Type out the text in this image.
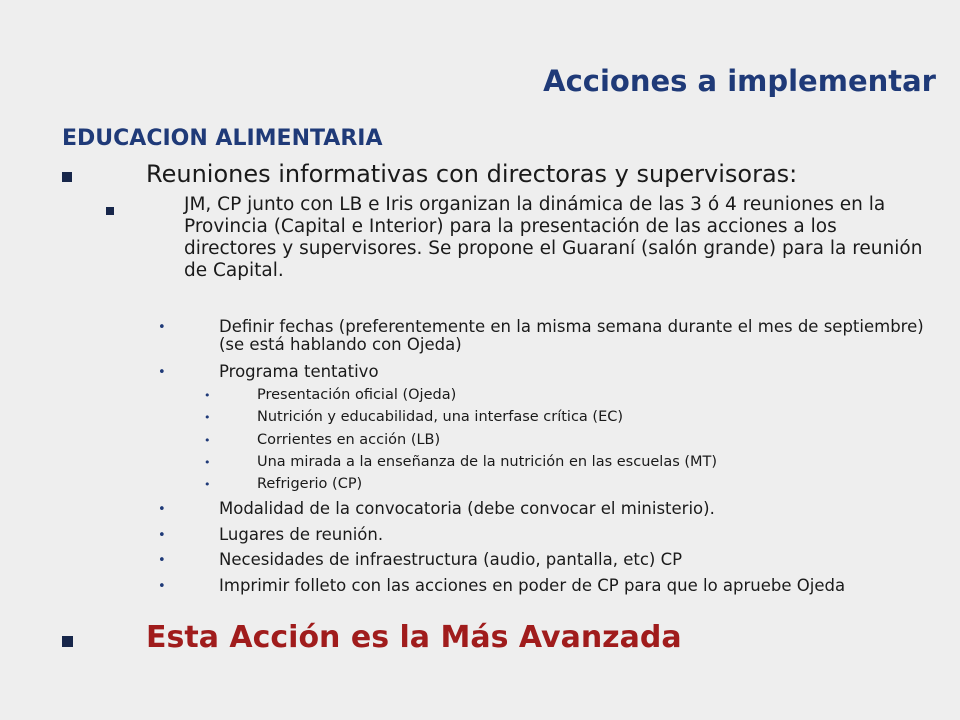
Acciones a implementar
EDUCACION ALIMENTARIA
Reuniones informativas con directoras y supervisoras:
JM, CP junto con LB e Iris organizan la dinámica de las 3 ó 4 reuniones en la Provincia (Capital e Interior) para la presentación de las acciones a los directores y supervisores. Se propone el Guaraní (salón grande) para la reunión de Capital.
•	Definir fechas (preferentemente en la misma semana durante el mes de septiembre)(se está hablando con Ojeda)
•	Programa tentativo
•	Presentación oficial (Ojeda)
•	Nutrición y educabilidad, una interfase crítica (EC)
•	Corrientes en acción (LB)
•	Una mirada a la enseñanza de la nutrición en las escuelas (MT)
•	Refrigerio (CP)
•	Modalidad de la convocatoria (debe convocar el ministerio).
•	Lugares de reunión.
•	Necesidades de infraestructura (audio, pantalla, etc) CP
•	Imprimir folleto con las acciones en poder de CP para que lo apruebe Ojeda
Esta Acción es la Más Avanzada
